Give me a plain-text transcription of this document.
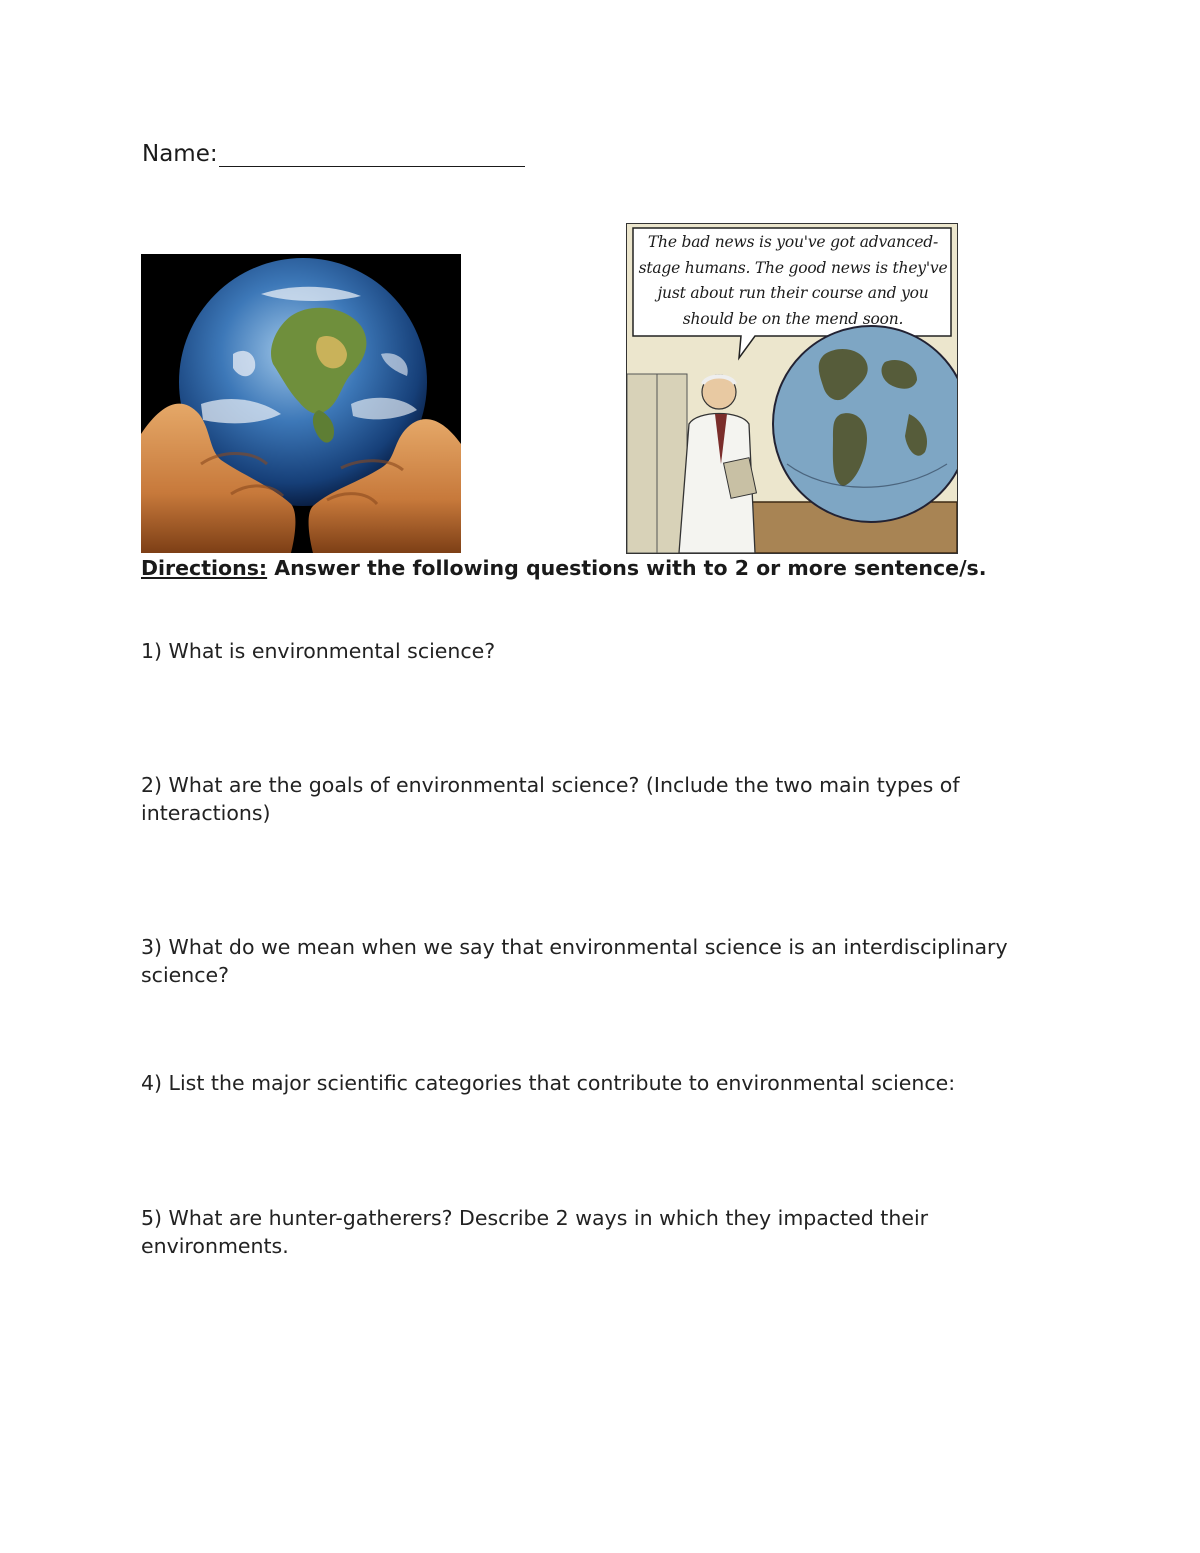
Name:
The bad news is you've got advanced-stage humans. The good news is they've just about run their course and you should be on the mend soon.
Directions: Answer the following questions with to 2 or more sentence/s.
1) What is environmental science?
2) What are the goals of environmental science? (Include the two main types of interactions)
3) What do we mean when we say that environmental science is an interdisciplinary science?
4) List the major scientific categories that contribute to environmental science:
5) What are hunter-gatherers? Describe 2 ways in which they impacted their environments.
